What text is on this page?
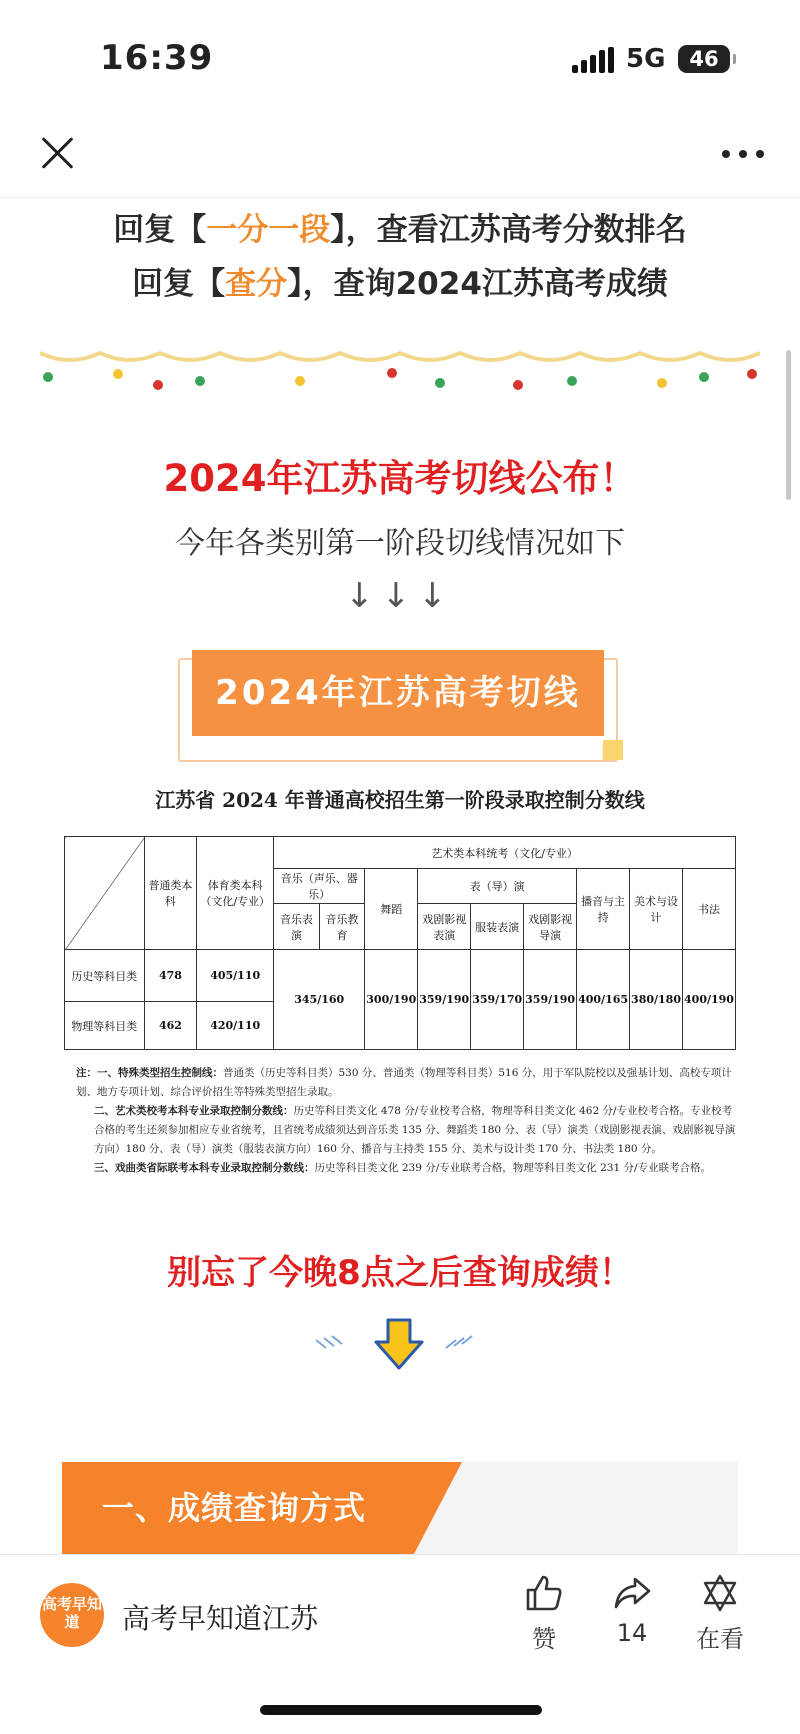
16:39	5G	46
回复【一分一段】，查看江苏高考分数排名
回复【查分】，查询2024江苏高考成绩
2024年江苏高考切线公布！
今年各类别第一阶段切线情况如下
↓↓↓
2024年江苏高考切线
江苏省 2024 年普通高校招生第一阶段录取控制分数线
	普通类本科	体育类本科（文化/专业）	艺术类本科统考（文化/专业）								
			音乐（声乐、器乐）		舞蹈	表（导）演			播音与主持	美术与设计	书法
			音乐表演	音乐教育		戏剧影视表演	服装表演	戏剧影视导演			
历史等科目类	478	405/110	345/160		300/190	359/190	359/170	359/190	400/165	380/180	400/190
物理等科目类	462	420/110									

注：一、特殊类型招生控制线：普通类（历史等科目类）530 分、普通类（物理等科目类）516 分，用于军队院校以及强基计划、高校专项计划、地方专项计划、综合评价招生等特殊类型招生录取。

二、艺术类校考本科专业录取控制分数线：历史等科目类文化 478 分/专业校考合格，物理等科目类文化 462 分/专业校考合格。专业校考合格的考生还须参加相应专业省统考，且省统考成绩须达到音乐类 135 分、舞蹈类 180 分、表（导）演类（戏剧影视表演、戏剧影视导演方向）180 分、表（导）演类（服装表演方向）160 分、播音与主持类 155 分、美术与设计类 170 分、书法类 180 分。

三、戏曲类省际联考本科专业录取控制分数线：历史等科目类文化 239 分/专业联考合格，物理等科目类文化 231 分/专业联考合格。

别忘了今晚8点之后查询成绩！
一、成绩查询方式
高考早知道	高考早知道江苏
赞	14	在看
